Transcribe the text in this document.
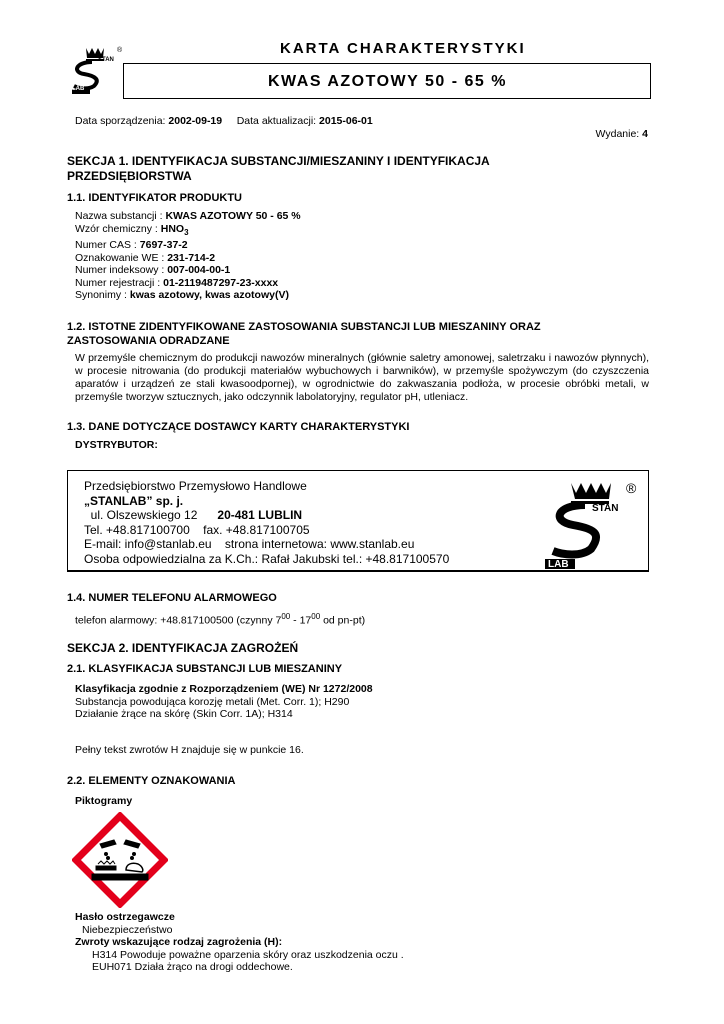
STAN
LAB
®	KARTA CHARAKTERYSTYKI
KWAS AZOTOWY 50 - 65 %
Data sporządzenia: 2002-09-19 Data aktualizacji: 2015-06-01
Wydanie: 4
SEKCJA 1. IDENTYFIKACJA SUBSTANCJI/MIESZANINY I IDENTYFIKACJA
PRZEDSIĘBIORSTWA
1.1. IDENTYFIKATOR PRODUKTU
Nazwa substancji : KWAS AZOTOWY 50 - 65 %
Wzór chemiczny : $HNO_3$
Numer CAS : 7697-37-2
Oznakowanie WE : 231-714-2
Numer indeksowy : 007-004-00-1
Numer rejestracji : 01-2119487297-23-xxxx
Synonimy : kwas azotowy, kwas azotowy(V)
1.2. ISTOTNE ZIDENTYFIKOWANE ZASTOSOWANIA SUBSTANCJI LUB MIESZANINY ORAZ
ZASTOSOWANIA ODRADZANE
W przemyśle chemicznym do produkcji nawozów mineralnych (głównie saletry amonowej, saletrzaku i nawozów płynnych), w procesie nitrowania (do produkcji materiałów wybuchowych i barwników), w przemyśle spożywczym (do czyszczenia aparatów i urządzeń ze stali kwasoodpornej), w ogrodnictwie do zakwaszania podłoża, w procesie obróbki metali, w przemyśle tworzyw sztucznych, jako odczynnik labolatoryjny, regulator pH, utleniacz.
1.3. DANE DOTYCZĄCE DOSTAWCY KARTY CHARAKTERYSTYKI
DYSTRYBUTOR:
Przedsiębiorstwo Przemysłowo Handlowe
„STANLAB” sp. j.
ul. Olszewskiego 12 20-481 LUBLIN
Tel. +48.817100700 fax. +48.817100705
E-mail: info@stanlab.eu strona internetowa: www.stanlab.eu
Osoba odpowiedzialna za K.Ch.: Rafał Jakubski tel.: +48.817100570
STAN
LAB
®
1.4. NUMER TELEFONU ALARMOWEGO
telefon alarmowy: +48.817100500 (czynny $7^{00} - 17^{00}$ od pn-pt)
SEKCJA 2. IDENTYFIKACJA ZAGROŻEŃ
2.1. KLASYFIKACJA SUBSTANCJI LUB MIESZANINY
Klasyfikacja zgodnie z Rozporządzeniem (WE) Nr 1272/2008
Substancja powodująca korozję metali (Met. Corr. 1); H290
Działanie żrące na skórę (Skin Corr. 1A); H314
Pełny tekst zwrotów H znajduje się w punkcie 16.
2.2. ELEMENTY OZNAKOWANIA
Piktogramy
Hasło ostrzegawcze
Niebezpieczeństwo
Zwroty wskazujące rodzaj zagrożenia (H):
H314 Powoduje poważne oparzenia skóry oraz uszkodzenia oczu .
EUH071 Działa żrąco na drogi oddechowe.
